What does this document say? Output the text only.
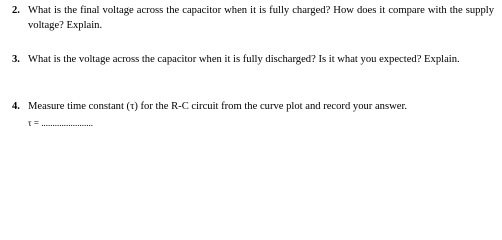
2. What is the final voltage across the capacitor when it is fully charged? How does it compare with the supply voltage? Explain.
3. What is the voltage across the capacitor when it is fully discharged? Is it what you expected? Explain.
4. Measure time constant (τ) for the R-C circuit from the curve plot and record your answer.
τ = .......................
